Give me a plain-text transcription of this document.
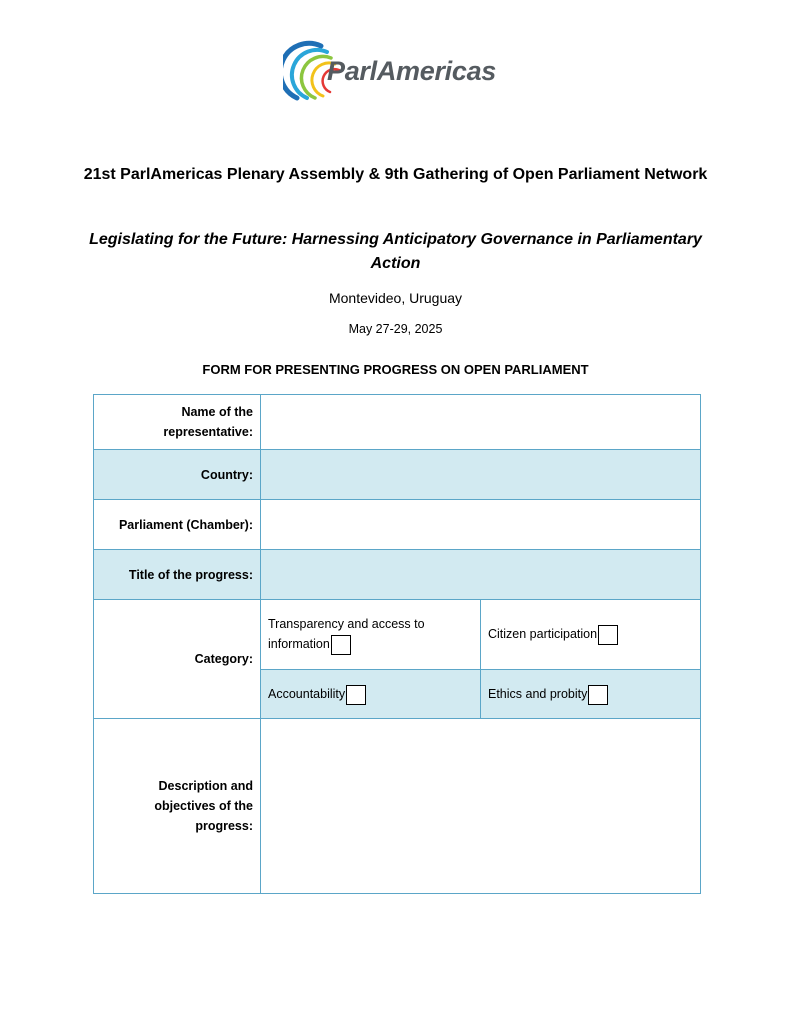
ParlAmericas
21st ParlAmericas Plenary Assembly & 9th Gathering of Open Parliament Network
Legislating for the Future: Harnessing Anticipatory Governance in Parliamentary Action
Montevideo, Uruguay
May 27-29, 2025
FORM FOR PRESENTING PROGRESS ON OPEN PARLIAMENT
Name of the representative:		
Country:		
Parliament (Chamber):		
Title of the progress:		
Category:	Transparency and access to information	Citizen participation
	Accountability	Ethics and probity
Description and objectives of the progress:		
